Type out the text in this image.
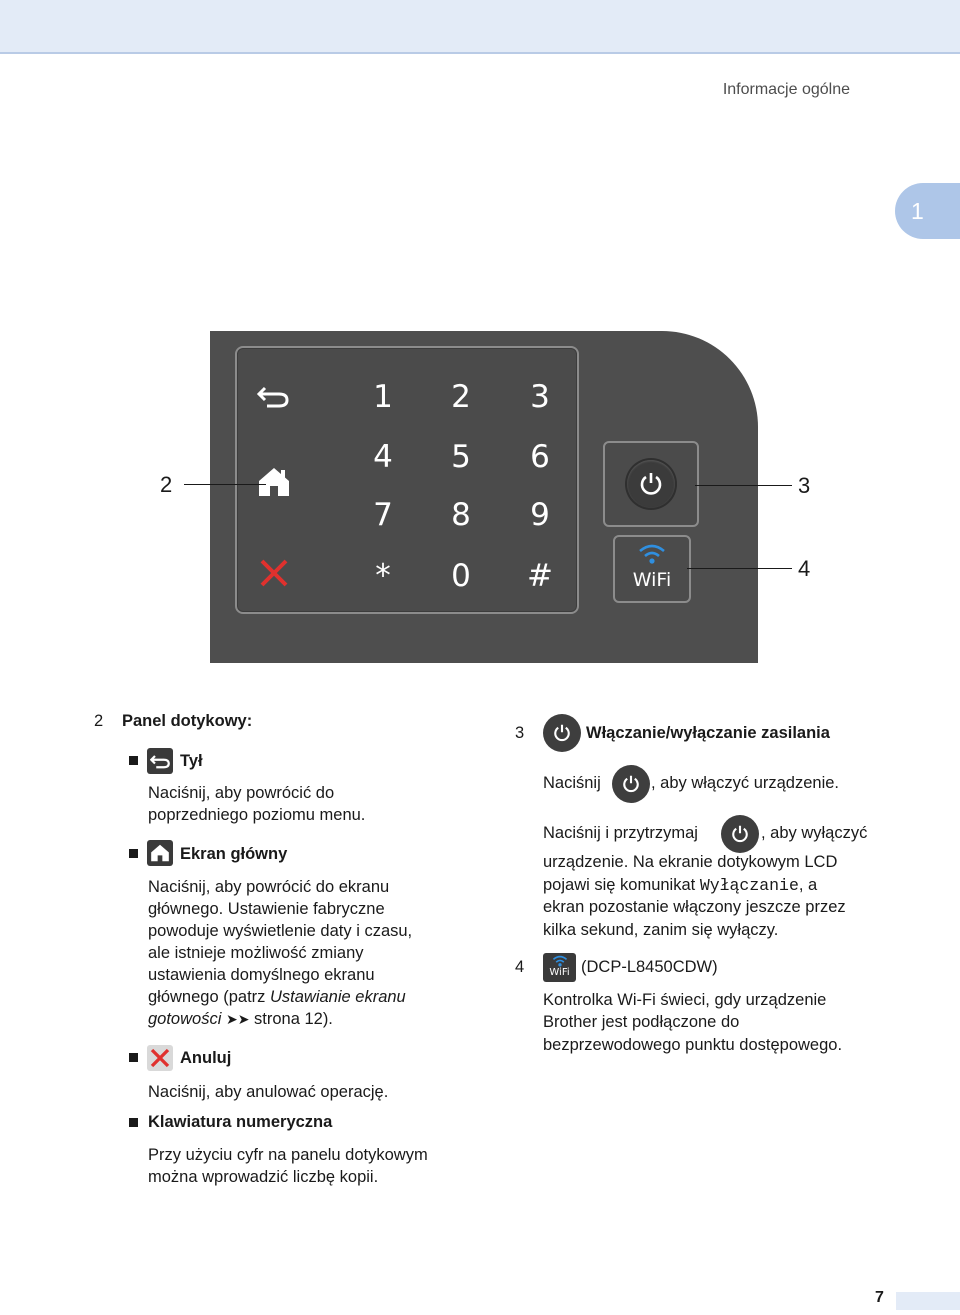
Informacje ogólne
1
1	2	3
4	5	6
7	8	9
*	0	#	WiFi
2	3
4
2 Panel dotykowy:
Tył
Naciśnij, aby powrócić do
poprzedniego poziomu menu.
Ekran główny
Naciśnij, aby powrócić do ekranu
głównego. Ustawienie fabryczne
powoduje wyświetlenie daty i czasu,
ale istnieje możliwość zmiany
ustawienia domyślnego ekranu
głównego (patrz Ustawianie ekranu
gotowości ➤➤ strona 12).
Anuluj
Naciśnij, aby anulować operację.
Klawiatura numeryczna
Przy użyciu cyfr na panelu dotykowym
można wprowadzić liczbę kopii.
3	Włączanie/wyłączanie zasilania
Naciśnij	, aby włączyć urządzenie.
Naciśnij i przytrzymaj	, aby wyłączyć
urządzenie. Na ekranie dotykowym LCD
pojawi się komunikat Wyłączanie, a
ekran pozostanie włączony jeszcze przez
kilka sekund, zanim się wyłączy.
4	WiFi (DCP-L8450CDW)
Kontrolka Wi-Fi świeci, gdy urządzenie
Brother jest podłączone do
bezprzewodowego punktu dostępowego.
7
